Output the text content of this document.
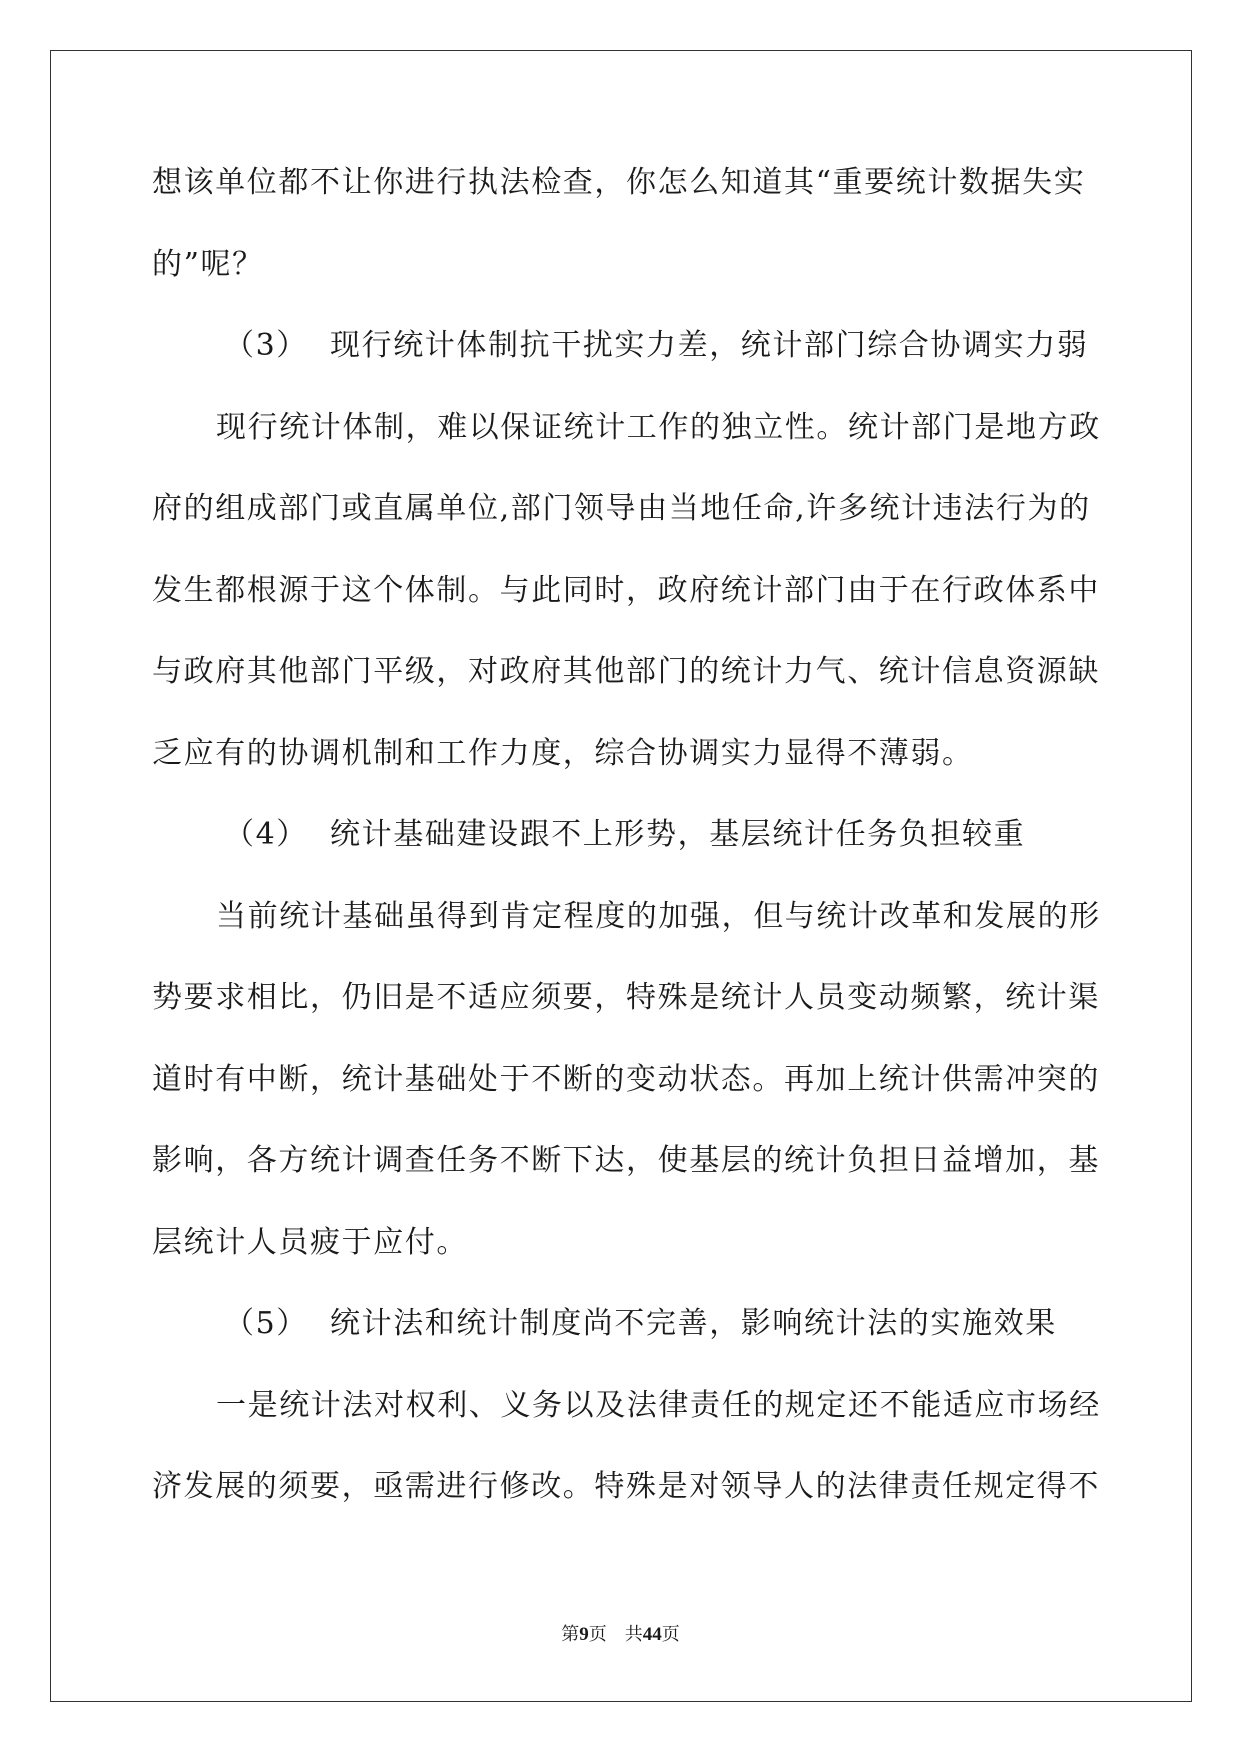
想该单位都不让你进行执法检查，你怎么知道其“重要统计数据失实
的”呢？
（3） 现行统计体制抗干扰实力差，统计部门综合协调实力弱
现行统计体制，难以保证统计工作的独立性。统计部门是地方政
府的组成部门或直属单位,部门领导由当地任命,许多统计违法行为的
发生都根源于这个体制。与此同时，政府统计部门由于在行政体系中
与政府其他部门平级，对政府其他部门的统计力气、统计信息资源缺
乏应有的协调机制和工作力度，综合协调实力显得不薄弱。
（4） 统计基础建设跟不上形势，基层统计任务负担较重
当前统计基础虽得到肯定程度的加强，但与统计改革和发展的形
势要求相比，仍旧是不适应须要，特殊是统计人员变动频繁，统计渠
道时有中断，统计基础处于不断的变动状态。再加上统计供需冲突的
影响，各方统计调查任务不断下达，使基层的统计负担日益增加，基
层统计人员疲于应付。
（5） 统计法和统计制度尚不完善，影响统计法的实施效果
一是统计法对权利、义务以及法律责任的规定还不能适应市场经
济发展的须要，亟需进行修改。特殊是对领导人的法律责任规定得不
第9页 共44页
